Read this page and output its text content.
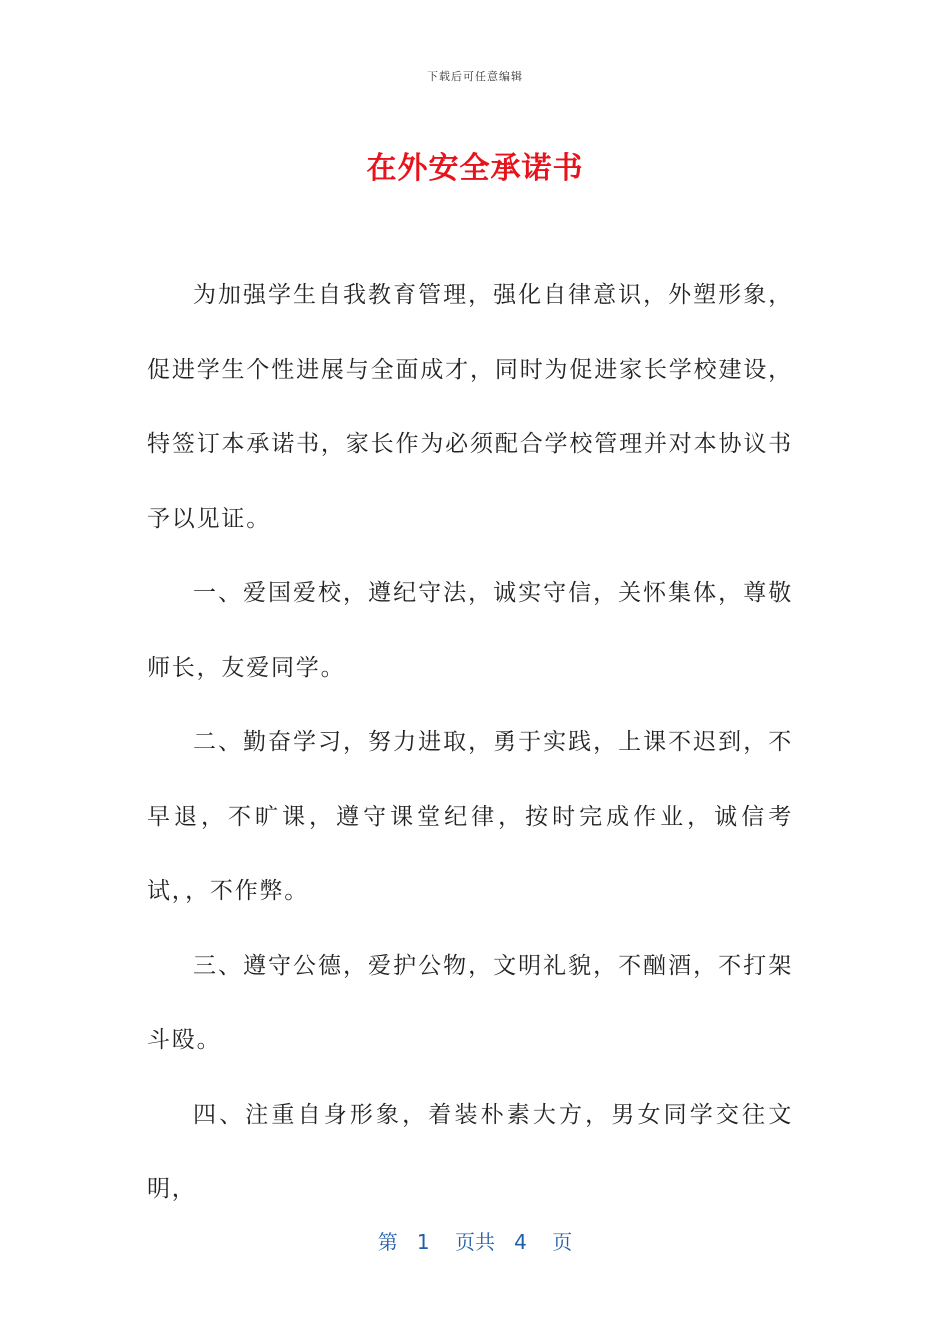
下载后可任意编辑
在外安全承诺书

为加强学生自我教育管理，强化自律意识，外塑形象，促进学生个性进展与全面成才，同时为促进家长学校建设，特签订本承诺书，家长作为必须配合学校管理并对本协议书予以见证。

一、爱国爱校，遵纪守法，诚实守信，关怀集体，尊敬师长，友爱同学。

二、勤奋学习，努力进取，勇于实践，上课不迟到，不早退，不旷课，遵守课堂纪律，按时完成作业，诚信考试，，不作弊。

三、遵守公德，爱护公物，文明礼貌，不酗酒，不打架斗殴。

四、注重自身形象，着装朴素大方，男女同学交往文明，

第 1 页共 4 页
